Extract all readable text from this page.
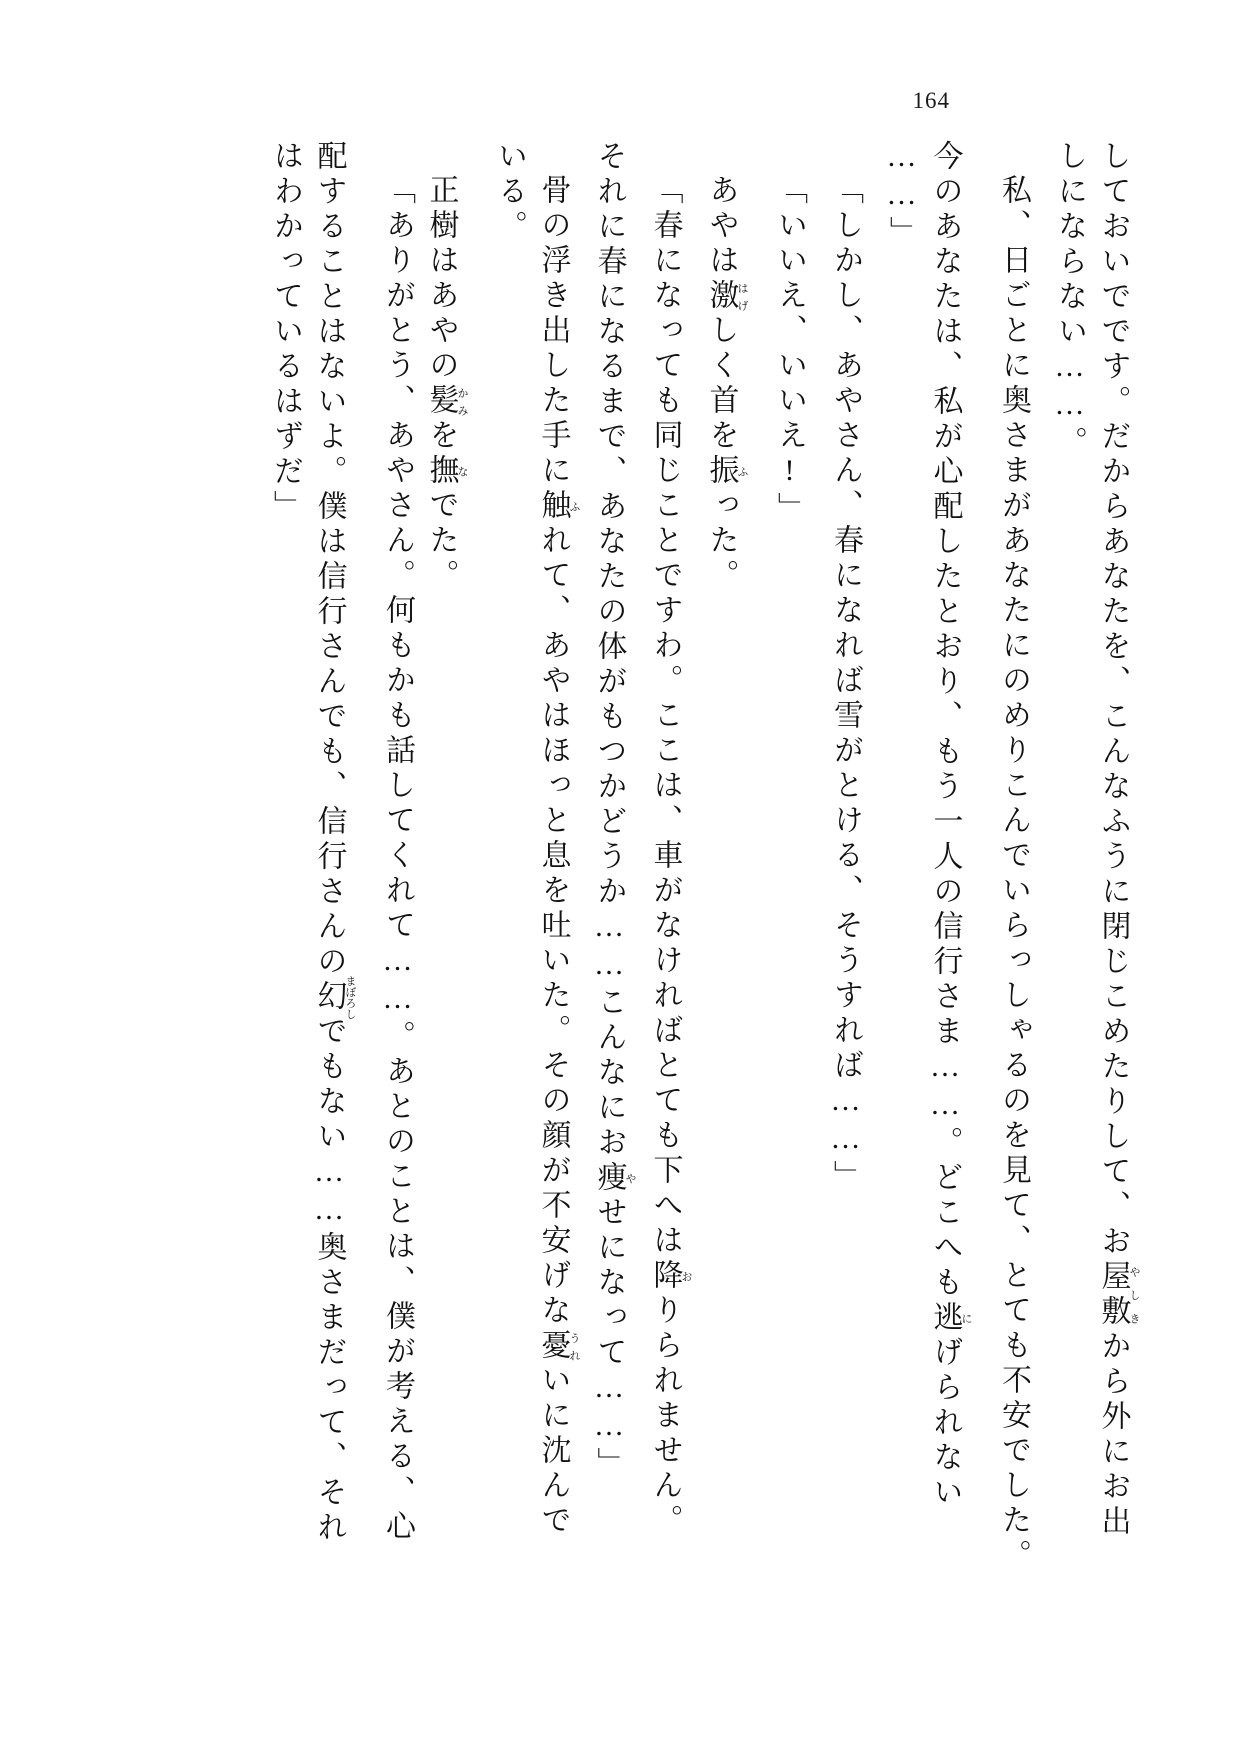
164
しておいでです。だからあなたを、こんなふうに閉じこめたりして、お屋敷やしきから外にお出
しにならない……。
私、日ごとに奥さまがあなたにのめりこんでいらっしゃるのを見て、とても不安でした。
今のあなたは、私が心配したとおり、もう一人の信行さま……。どこへも逃にげられない
……」
「しかし、あやさん、春になれば雪がとける、そうすれば……」
「いいえ、いいえ!」
あやは激はげしく首を振ふった。
「春になっても同じことですわ。ここは、車がなければとても下へは降おりられません。
それに春になるまで、あなたの体がもつかどうか……こんなにお痩やせになって……」
骨の浮き出した手に触ふれて、あやはほっと息を吐いた。その顔が不安げな憂うれいに沈んで
いる。
正樹はあやの髪かみを撫なでた。
「ありがとう、あやさん。何もかも話してくれて……。あとのことは、僕が考える、心
配することはないよ。僕は信行さんでも、信行さんの幻まぼろしでもない……奥さまだって、それ
はわかっているはずだ」
